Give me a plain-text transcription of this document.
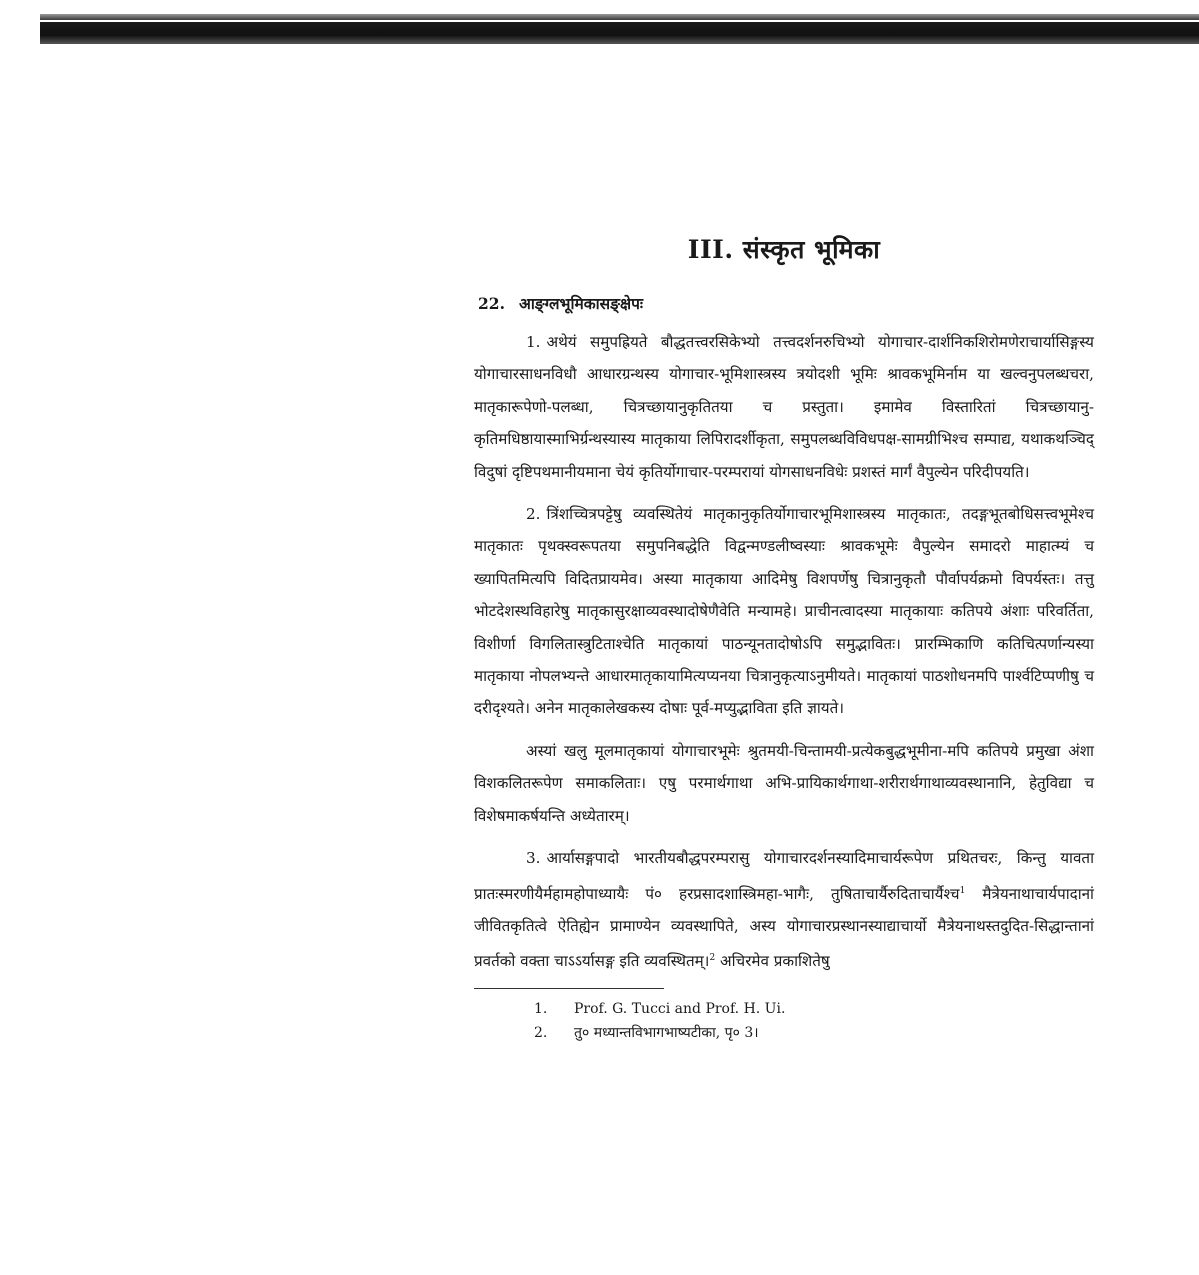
III. संस्कृत भूमिका
22. आङ्ग्लभूमिकासङ्क्षेपः

1. अथेयं समुपह्रियते बौद्धतत्त्वरसिकेभ्यो तत्त्वदर्शनरुचिभ्यो योगाचार-दार्शनिकशिरोमणेराचार्यासिङ्गस्य योगाचारसाधनविधौ आधारग्रन्थस्य योगाचार-भूमिशास्त्रस्य त्रयोदशी भूमिः श्रावकभूमिर्नाम या खल्वनुपलब्धचरा, मातृकारूपेणो-पलब्धा, चित्रच्छायानुकृतितया च प्रस्तुता। इमामेव विस्तारितां चित्रच्छायानु-कृतिमधिष्ठायास्माभिर्ग्रन्थस्यास्य मातृकाया लिपिरादर्शीकृता, समुपलब्धविविधपक्ष-सामग्रीभिश्च सम्पाद्य, यथाकथञ्चिद् विदुषां दृष्टिपथमानीयमाना चेयं कृतिर्योगाचार-परम्परायां योगसाधनविधेः प्रशस्तं मार्गं वैपुल्येन परिदीपयति।

2. त्रिंशच्चित्रपट्टेषु व्यवस्थितेयं मातृकानुकृतिर्योगाचारभूमिशास्त्रस्य मातृकातः, तदङ्गभूतबोधिसत्त्वभूमेश्च मातृकातः पृथक्स्वरूपतया समुपनिबद्धेति विद्वन्मण्डलीष्वस्याः श्रावकभूमेः वैपुल्येन समादरो माहात्म्यं च ख्यापितमित्यपि विदितप्रायमेव। अस्या मातृकाया आदिमेषु विशपर्णेषु चित्रानुकृतौ पौर्वापर्यक्रमो विपर्यस्तः। तत्तु भोटदेशस्थविहारेषु मातृकासुरक्षाव्यवस्थादोषेणैवेति मन्यामहे। प्राचीनत्वादस्या मातृकायाः कतिपये अंशाः परिवर्तिता, विशीर्णा विगलितास्त्रुटिताश्चेति मातृकायां पाठन्यूनतादोषोऽपि समुद्भावितः। प्रारम्भिकाणि कतिचित्पर्णान्यस्या मातृकाया नोपलभ्यन्ते आधारमातृकायामित्यप्यनया चित्रानुकृत्याऽनुमीयते। मातृकायां पाठशोधनमपि पार्श्वटिप्पणीषु च दरीदृश्यते। अनेन मातृकालेखकस्य दोषाः पूर्व-मप्युद्भाविता इति ज्ञायते।

अस्यां खलु मूलमातृकायां योगाचारभूमेः श्रुतमयी-चिन्तामयी-प्रत्येकबुद्धभूमीना-मपि कतिपये प्रमुखा अंशा विशकलितरूपेण समाकलिताः। एषु परमार्थगाथा अभि-प्रायिकार्थगाथा-शरीरार्थगाथाव्यवस्थानानि, हेतुविद्या च विशेषमाकर्षयन्ति अध्येतारम्।

3. आर्यासङ्गपादो भारतीयबौद्धपरम्परासु योगाचारदर्शनस्यादिमाचार्यरूपेण प्रथितचरः, किन्तु यावता प्रातःस्मरणीयैर्महामहोपाध्यायैः पं० हरप्रसादशास्त्रिमहा-भागैः, तुषिताचार्यैरुदिताचार्यैश्च$^1$ मैत्रेयनाथाचार्यपादानां जीवितकृतित्वे ऐतिह्येन प्रामाण्येन व्यवस्थापिते, अस्य योगाचारप्रस्थानस्याद्याचार्यो मैत्रेयनाथस्तदुदित-सिद्धान्तानां प्रवर्तको वक्ता चाऽऽर्यासङ्ग इति व्यवस्थितम्।$^2$ अचिरमेव प्रकाशितेषु

1. Prof. G. Tucci and Prof. H. Ui.
2. तु० मध्यान्तविभागभाष्यटीका, पृ० 3।
